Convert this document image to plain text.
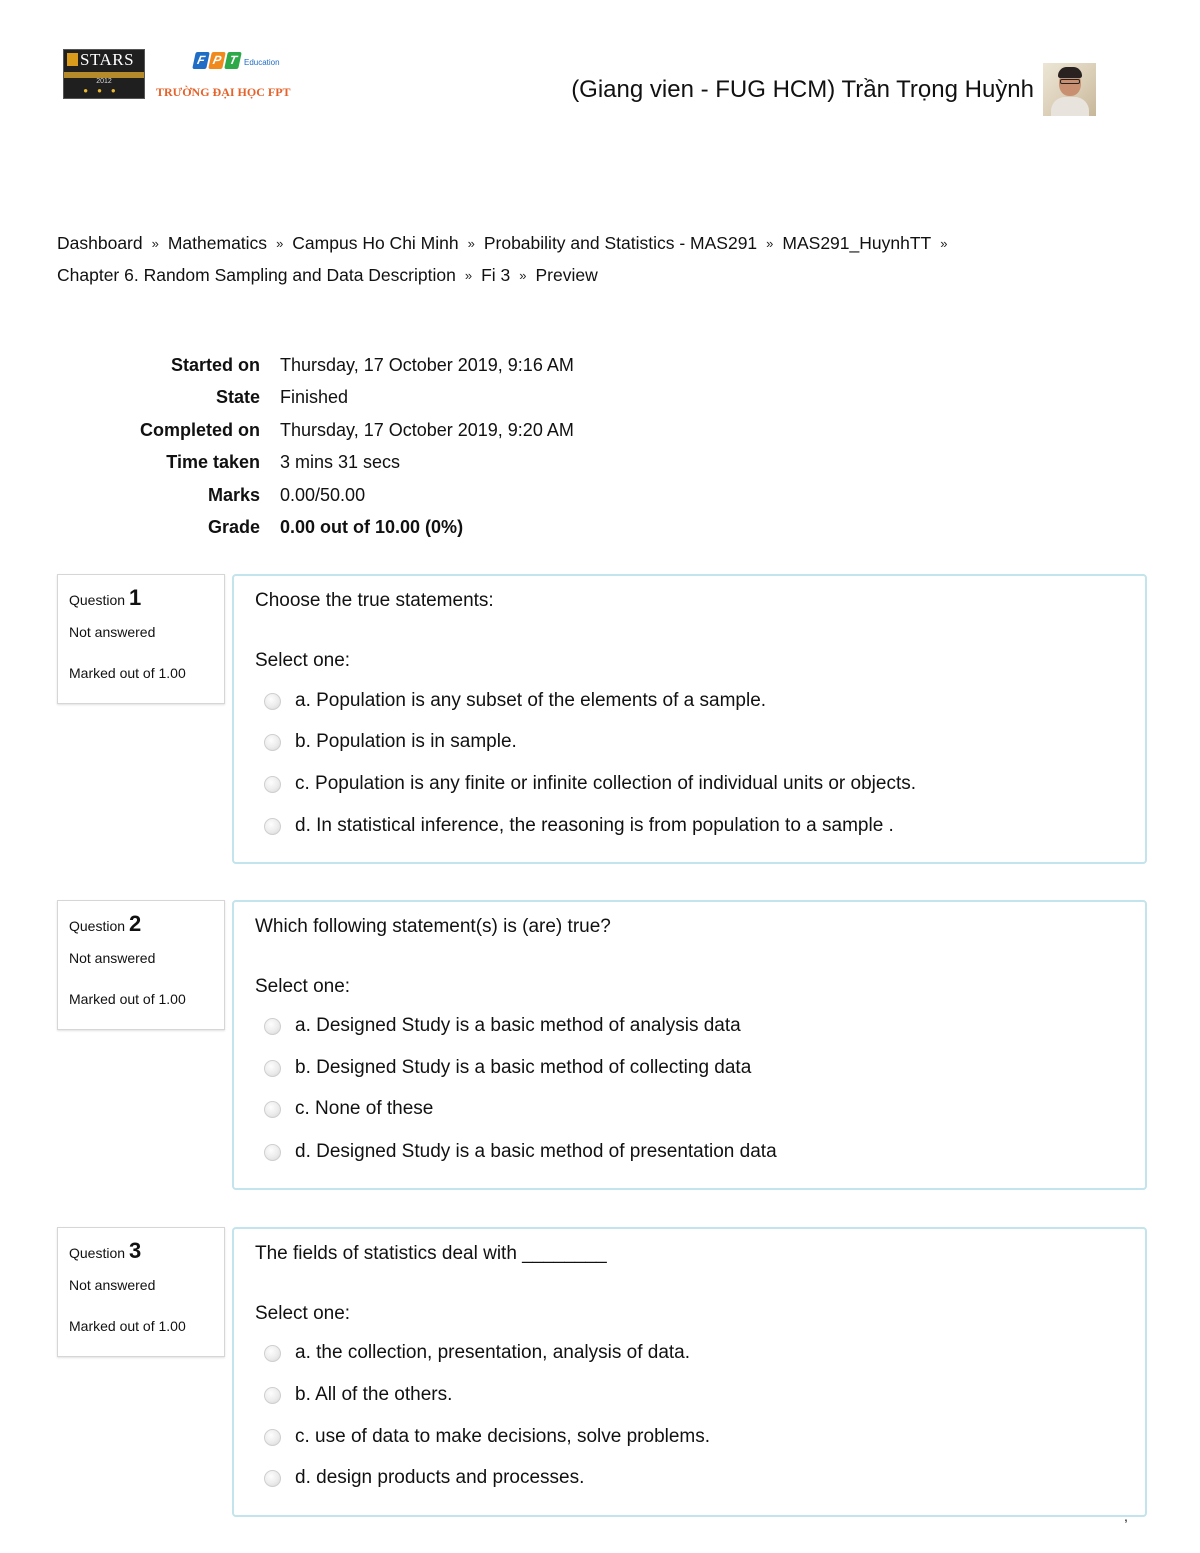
STARS
2012
●●●
F P T Education
TRƯỜNG ĐẠI HỌC FPT	(Giang vien - FUG HCM) Trần Trọng Huỳnh
Dashboard » Mathematics » Campus Ho Chi Minh » Probability and Statistics - MAS291 » MAS291_HuynhTT »
Chapter 6. Random Sampling and Data Description » Fi 3 » Preview
Started on	Thursday, 17 October 2019, 9:16 AM
State	Finished
Completed on	Thursday, 17 October 2019, 9:20 AM
Time taken	3 mins 31 secs
Marks	0.00/50.00
Grade	0.00 out of 10.00 (0%)
Question 1
Not answered
Marked out of 1.00
Choose the true statements:
Select one:
a. Population is any subset of the elements of a sample.
b. Population is in sample.
c. Population is any finite or infinite collection of individual units or objects.
d. In statistical inference, the reasoning is from population to a sample .
Question 2
Not answered
Marked out of 1.00
Which following statement(s) is (are) true?
Select one:
a. Designed Study is a basic method of analysis data
b. Designed Study is a basic method of collecting data
c. None of these
d. Designed Study is a basic method of presentation data
Question 3
Not answered
Marked out of 1.00
The fields of statistics deal with ________
Select one:
a. the collection, presentation, analysis of data.
b. All of the others.
c. use of data to make decisions, solve problems.
d. design products and processes.
,
